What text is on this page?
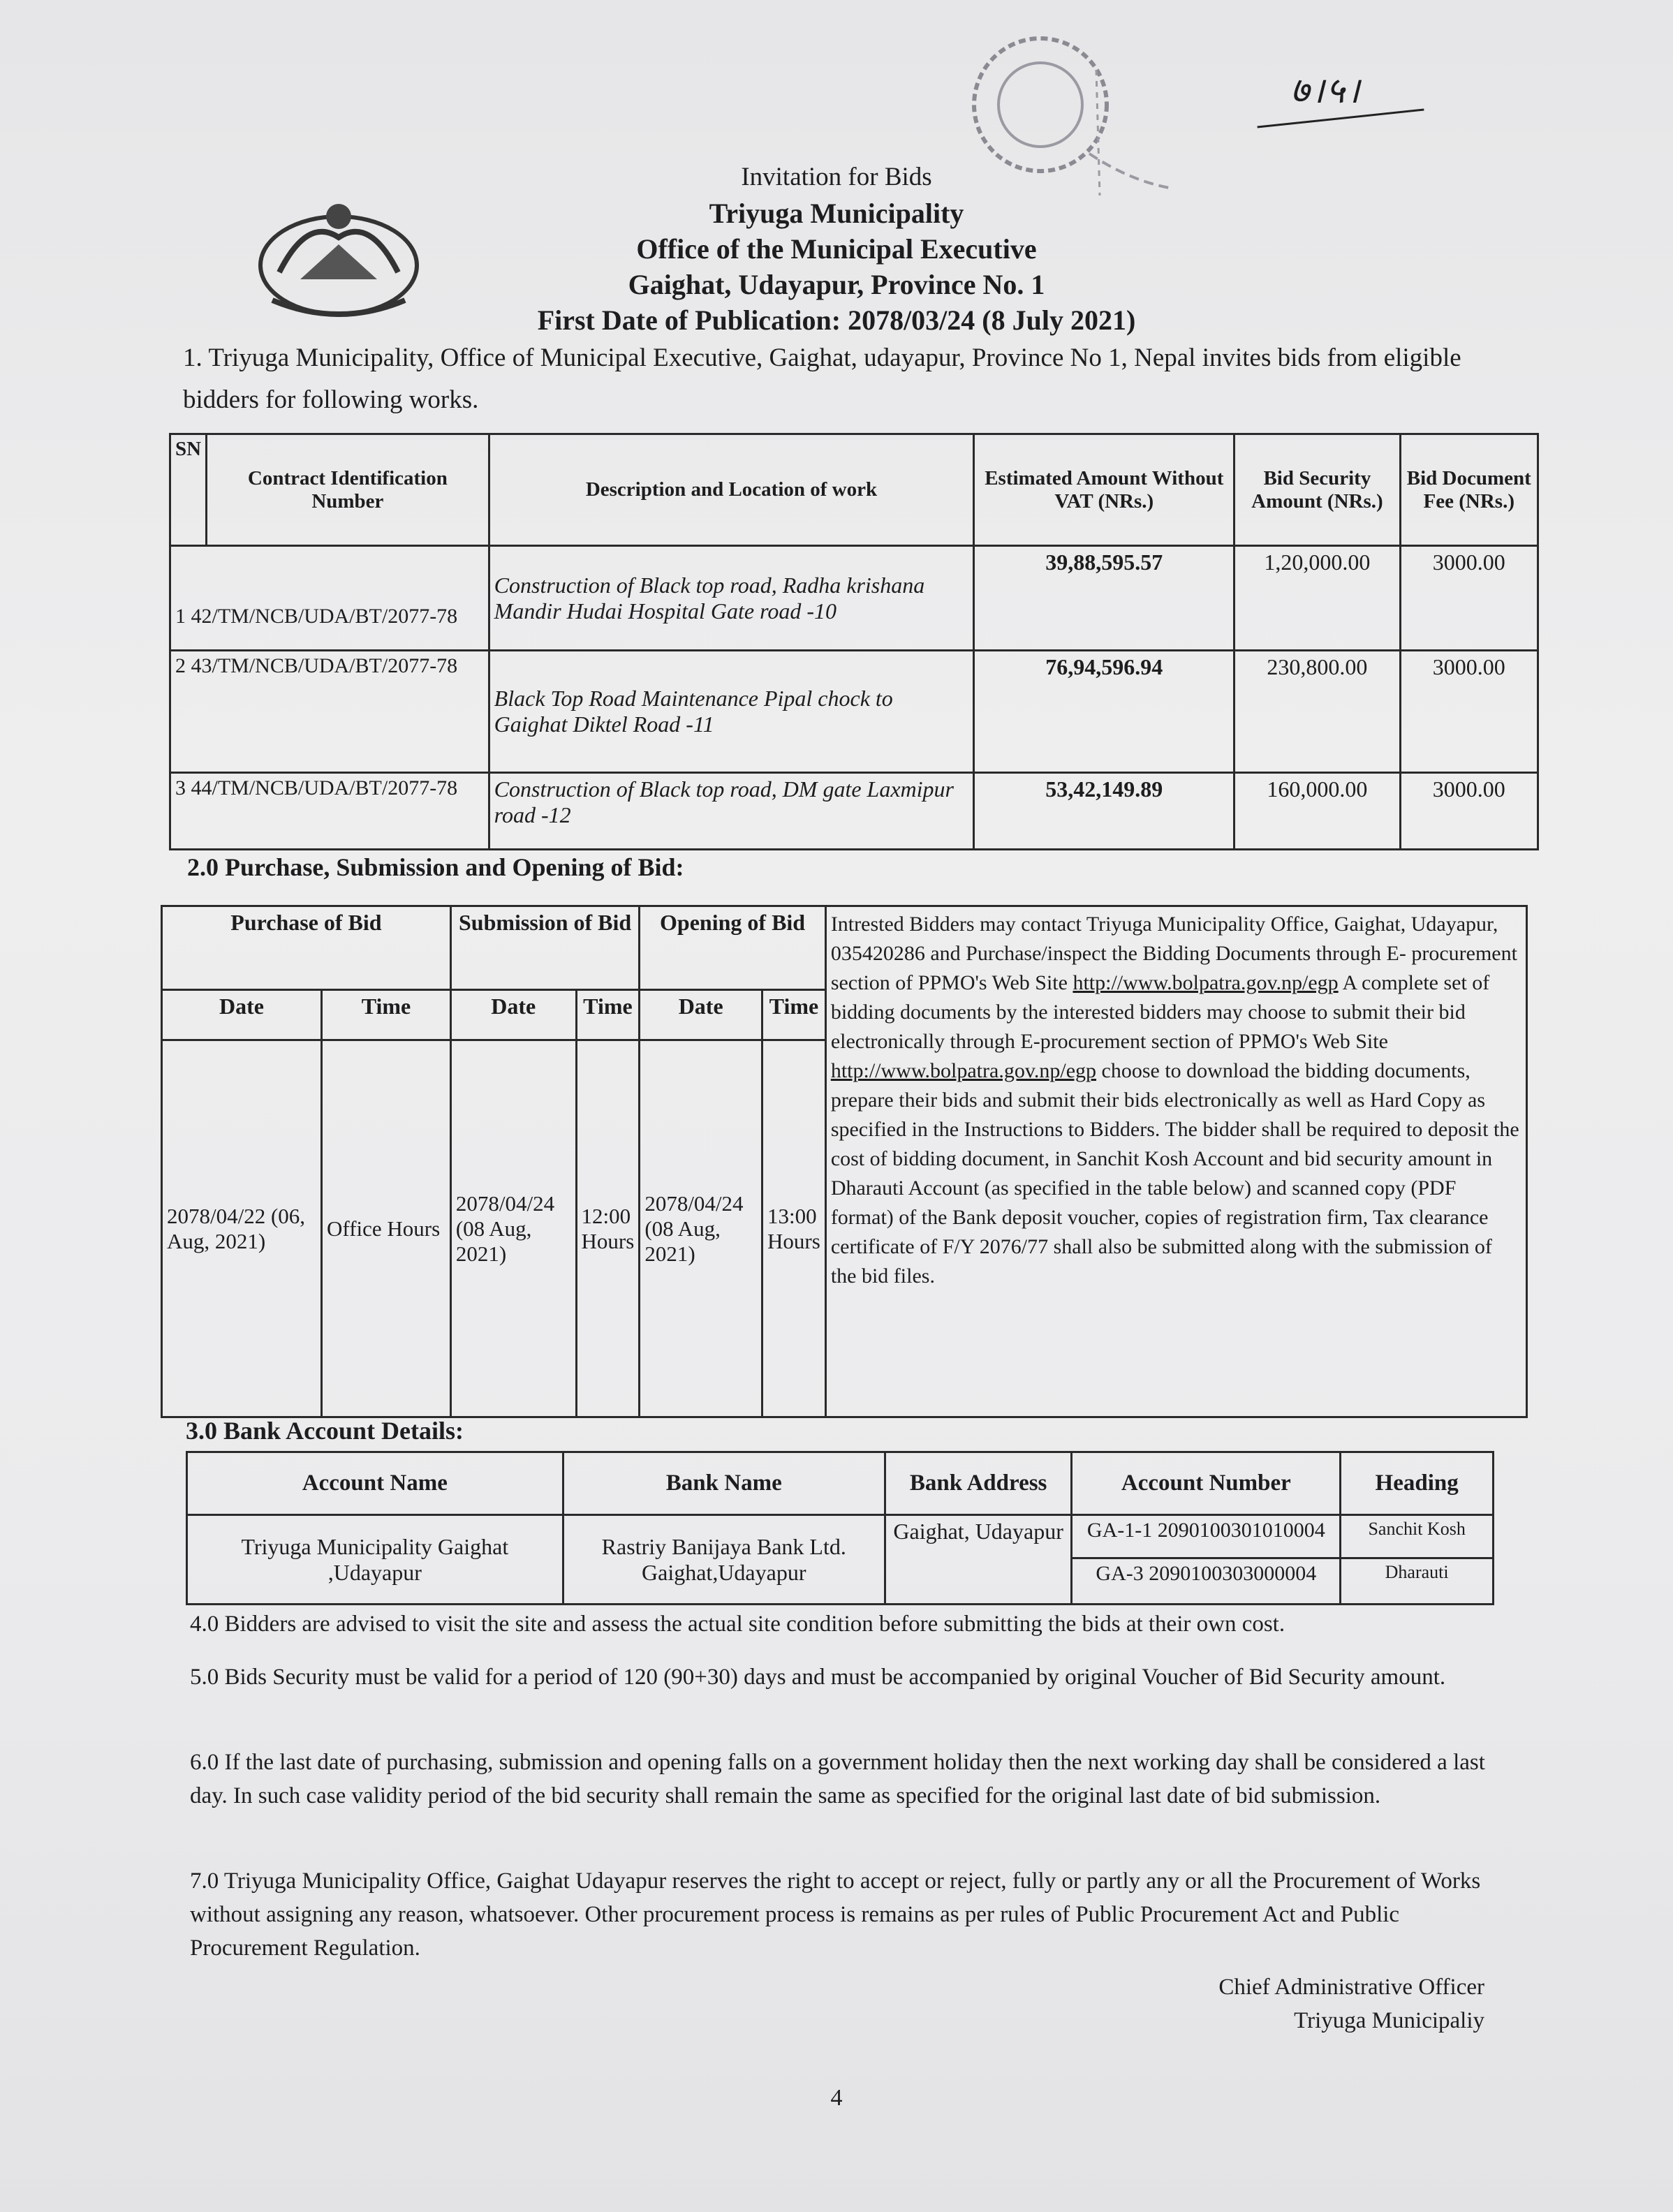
७।५।
Invitation for Bids
Triyuga Municipality
Office of the Municipal Executive
Gaighat, Udayapur, Province No. 1
First Date of Publication: 2078/03/24 (8 July 2021)
1. Triyuga Municipality, Office of Municipal Executive, Gaighat, udayapur, Province No 1, Nepal invites bids from eligible bidders for following works.
SN	Contract Identification Number	Description and Location of work	Estimated Amount Without VAT (NRs.)	Bid Security Amount (NRs.)	Bid Document Fee (NRs.)
1 42/TM/NCB/UDA/BT/2077-78		Construction of Black top road, Radha krishana Mandir Hudai Hospital Gate road -10	39,88,595.57	1,20,000.00	3000.00
2 43/TM/NCB/UDA/BT/2077-78		Black Top Road Maintenance Pipal chock to Gaighat Diktel Road -11	76,94,596.94	230,800.00	3000.00
3 44/TM/NCB/UDA/BT/2077-78		Construction of Black top road, DM gate Laxmipur road -12	53,42,149.89	160,000.00	3000.00
2.0 Purchase, Submission and Opening of Bid:
Purchase of Bid		Submission of Bid		Opening of Bid		Intrested Bidders may contact Triyuga Municipality Office, Gaighat, Udayapur, 035420286 and Purchase/inspect the Bidding Documents through E- procurement section of PPMO's Web Site http://www.bolpatra.gov.np/egp A complete set of bidding documents by the interested bidders may choose to submit their bid electronically through E-procurement section of PPMO's Web Site http://www.bolpatra.gov.np/egp choose to download the bidding documents, prepare their bids and submit their bids electronically as well as Hard Copy as specified in the Instructions to Bidders. The bidder shall be required to deposit the cost of bidding document, in Sanchit Kosh Account and bid security amount in Dharauti Account (as specified in the table below) and scanned copy (PDF format) of the Bank deposit voucher, copies of registration firm, Tax clearance certificate of F/Y 2076/77 shall also be submitted along with the submission of the bid files.
Date	Time	Date	Time	Date	Time	
2078/04/22 (06, Aug, 2021)	Office Hours	2078/04/24 (08 Aug, 2021)	12:00 Hours	2078/04/24 (08 Aug, 2021)	13:00 Hours	
3.0 Bank Account Details:
Account Name	Bank Name	Bank Address	Account Number	Heading
Triyuga Municipality Gaighat ,Udayapur	Rastriy Banijaya Bank Ltd. Gaighat,Udayapur	Gaighat, Udayapur	GA-1-1 2090100301010004	Sanchit Kosh
			GA-3 2090100303000004	Dharauti
4.0 Bidders are advised to visit the site and assess the actual site condition before submitting the bids at their own cost.
5.0 Bids Security must be valid for a period of 120 (90+30) days and must be accompanied by original Voucher of Bid Security amount.
6.0 If the last date of purchasing, submission and opening falls on a government holiday then the next working day shall be considered a last day. In such case validity period of the bid security shall remain the same as specified for the original last date of bid submission.
7.0 Triyuga Municipality Office, Gaighat Udayapur reserves the right to accept or reject, fully or partly any or all the Procurement of Works without assigning any reason, whatsoever. Other procurement process is remains as per rules of Public Procurement Act and Public Procurement Regulation.
Chief Administrative Officer
Triyuga Municipaliy
4
